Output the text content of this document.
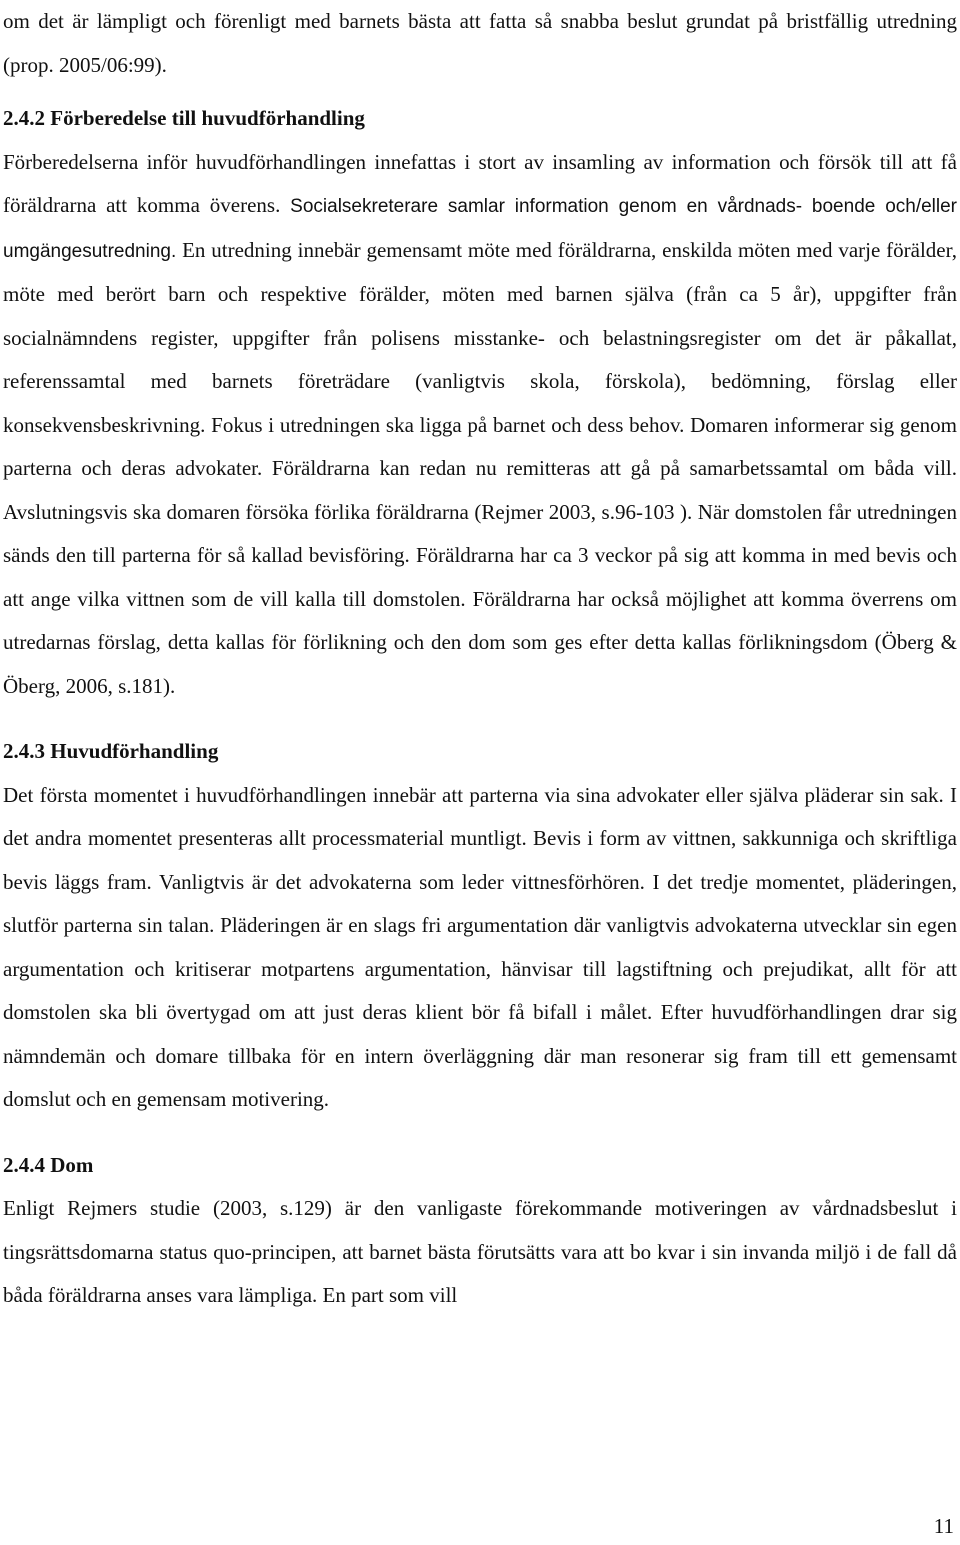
om det är lämpligt och förenligt med barnets bästa att fatta så snabba beslut grundat på bristfällig utredning (prop. 2005/06:99).

2.4.2 Förberedelse till huvudförhandling

Förberedelserna inför huvudförhandlingen innefattas i stort av insamling av information och försök till att få föräldrarna att komma överens. Socialsekreterare samlar information genom en vårdnads- boende och/eller umgängesutredning. En utredning innebär gemensamt möte med föräldrarna, enskilda möten med varje förälder, möte med berört barn och respektive förälder, möten med barnen själva (från ca 5 år), uppgifter från socialnämndens register, uppgifter från polisens misstanke- och belastningsregister om det är påkallat, referenssamtal med barnets företrädare (vanligtvis skola, förskola), bedömning, förslag eller konsekvensbeskrivning. Fokus i utredningen ska ligga på barnet och dess behov. Domaren informerar sig genom parterna och deras advokater. Föräldrarna kan redan nu remitteras att gå på samarbetssamtal om båda vill. Avslutningsvis ska domaren försöka förlika föräldrarna (Rejmer 2003, s.96-103 ). När domstolen får utredningen sänds den till parterna för så kallad bevisföring. Föräldrarna har ca 3 veckor på sig att komma in med bevis och att ange vilka vittnen som de vill kalla till domstolen. Föräldrarna har också möjlighet att komma överrens om utredarnas förslag, detta kallas för förlikning och den dom som ges efter detta kallas förlikningsdom (Öberg & Öberg, 2006, s.181).

2.4.3 Huvudförhandling

Det första momentet i huvudförhandlingen innebär att parterna via sina advokater eller själva pläderar sin sak. I det andra momentet presenteras allt processmaterial muntligt. Bevis i form av vittnen, sakkunniga och skriftliga bevis läggs fram. Vanligtvis är det advokaterna som leder vittnesförhören. I det tredje momentet, pläderingen, slutför parterna sin talan. Pläderingen är en slags fri argumentation där vanligtvis advokaterna utvecklar sin egen argumentation och kritiserar motpartens argumentation, hänvisar till lagstiftning och prejudikat, allt för att domstolen ska bli övertygad om att just deras klient bör få bifall i målet. Efter huvudförhandlingen drar sig nämndemän och domare tillbaka för en intern överläggning där man resonerar sig fram till ett gemensamt domslut och en gemensam motivering.

2.4.4 Dom

Enligt Rejmers studie (2003, s.129) är den vanligaste förekommande motiveringen av vårdnadsbeslut i tingsrättsdomarna status quo-principen, att barnet bästa förutsätts vara att bo kvar i sin invanda miljö i de fall då båda föräldrarna anses vara lämpliga. En part som vill

11
